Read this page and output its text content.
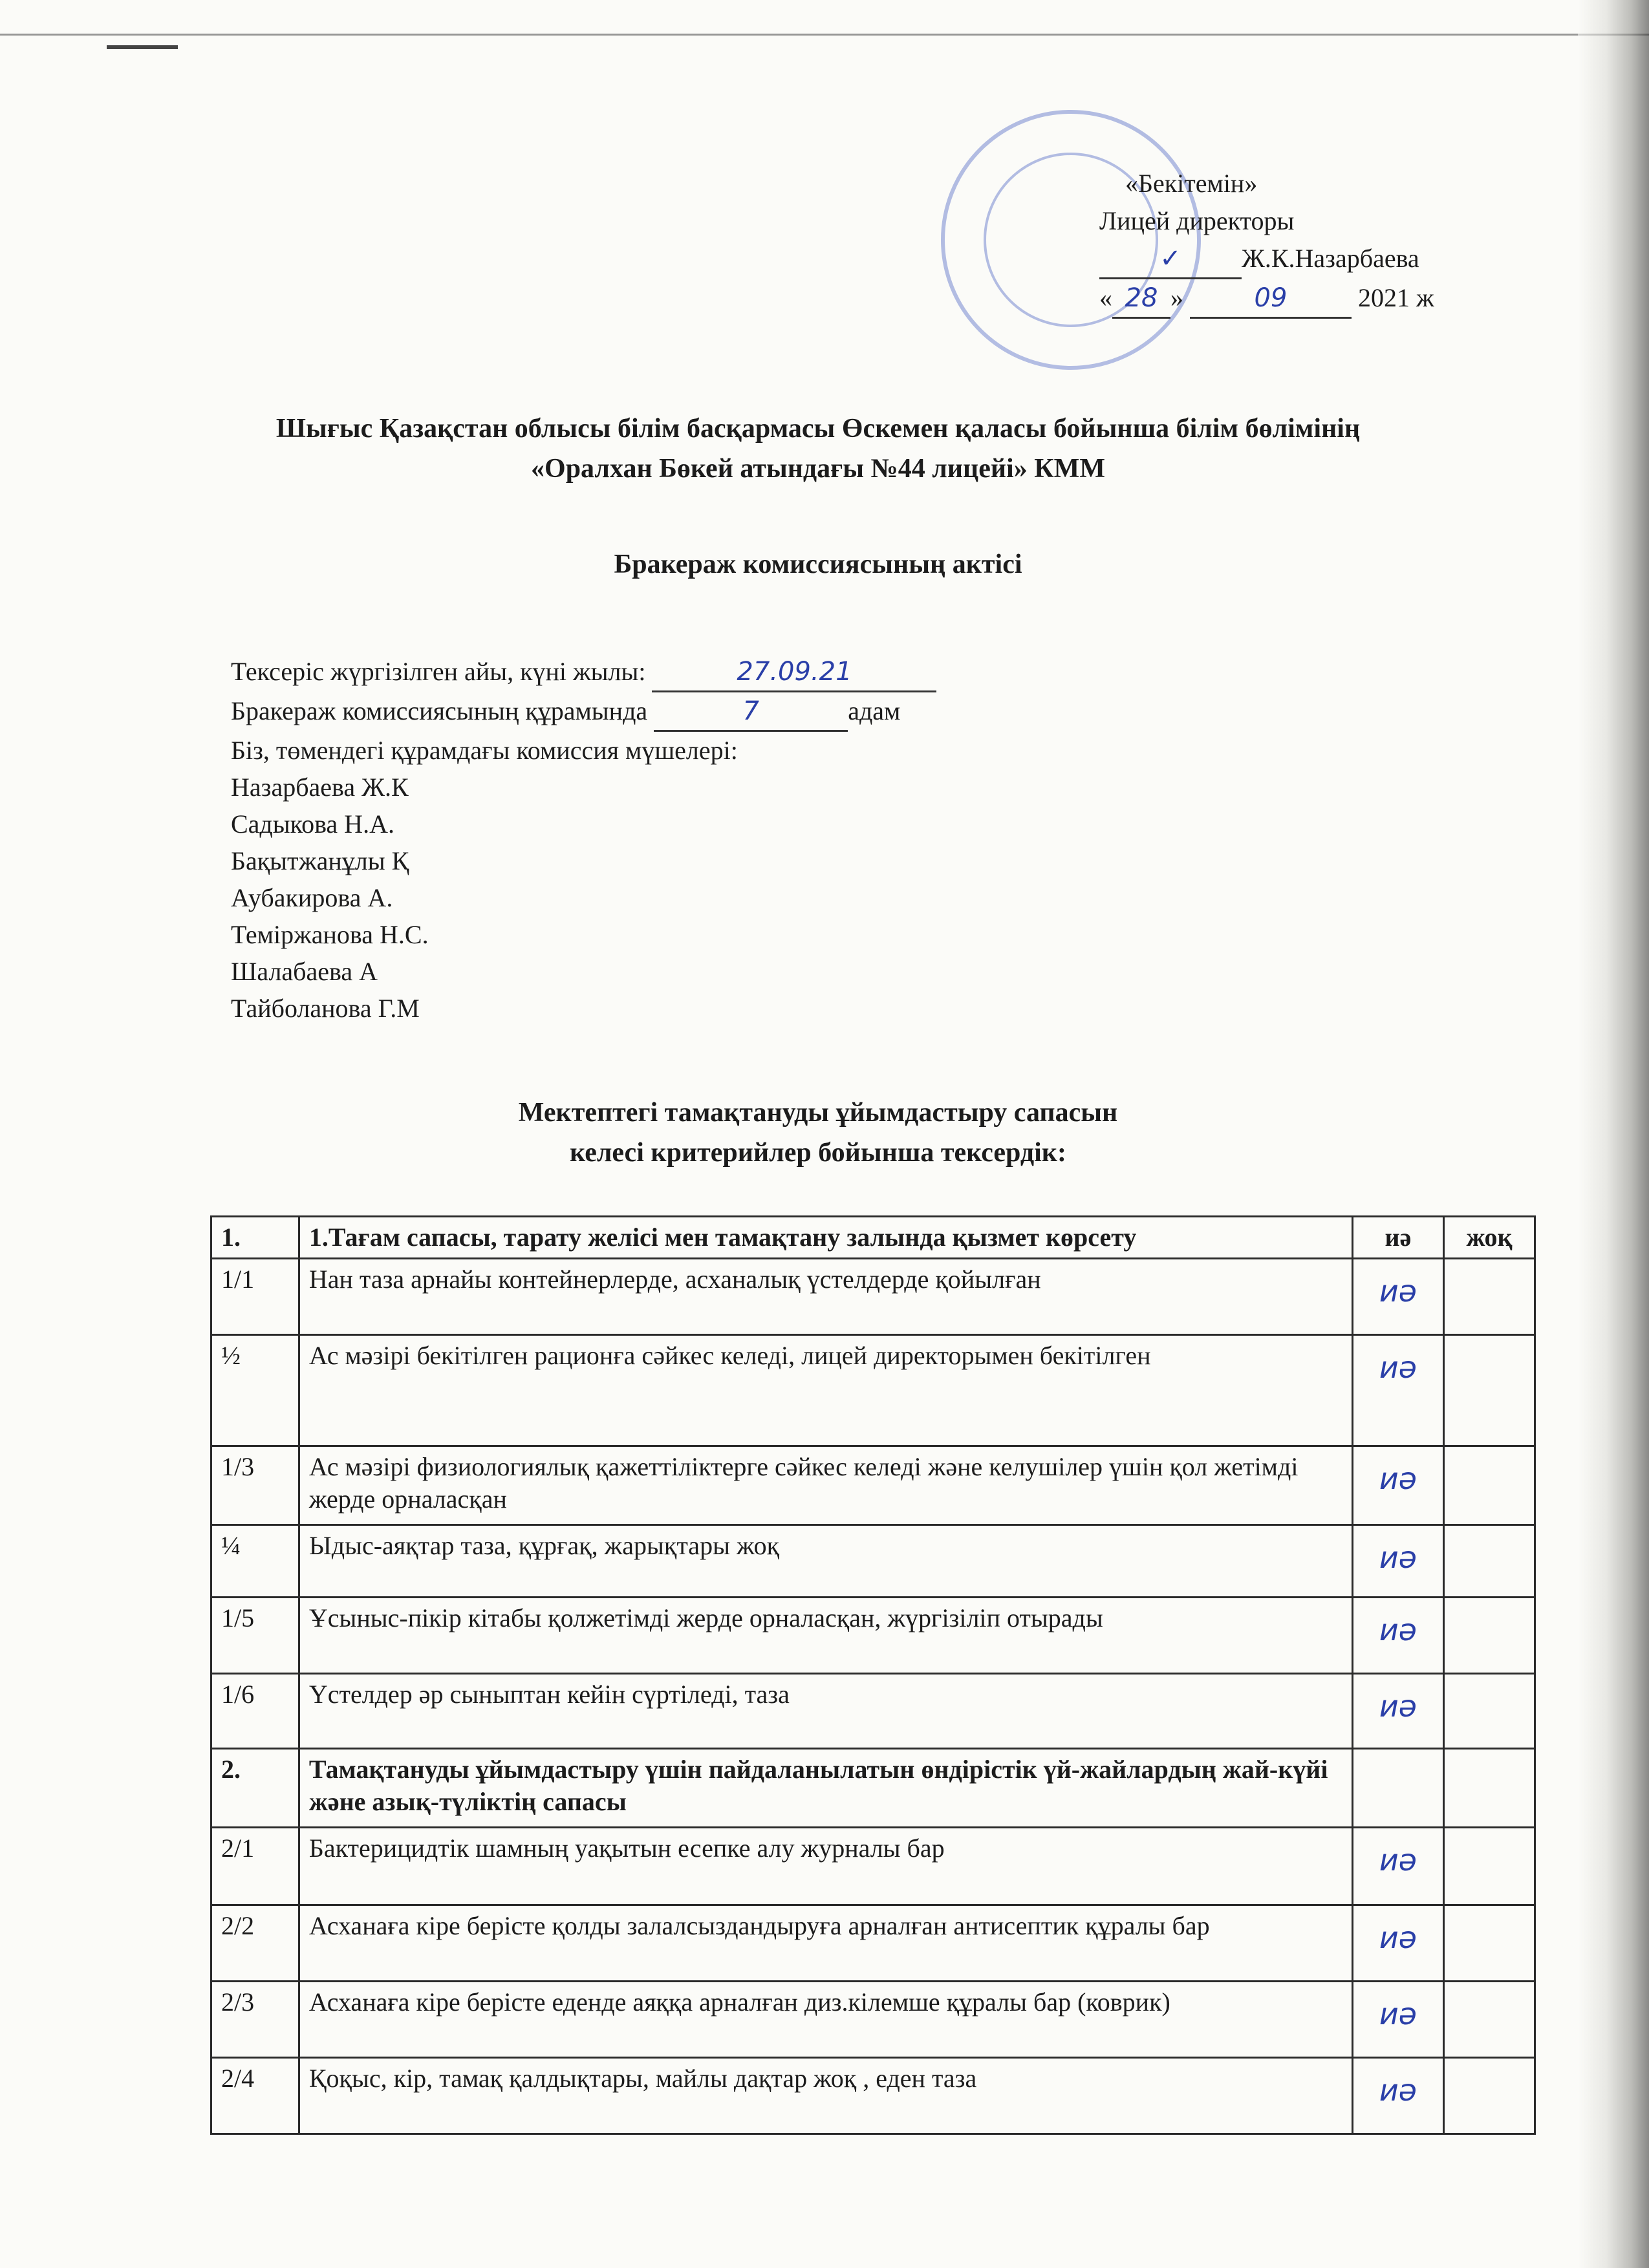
«Бекітемін»
Лицей директоры
✓ Ж.К.Назарбаева
« 28 »	09	2021 ж
Шығыс Қазақстан облысы білім басқармасы Өскемен қаласы бойынша білім бөлімінің
«Оралхан Бөкей атындағы №44 лицейі» КММ
Бракераж комиссиясының актісі
Тексеріс жүргізілген айы, күні жылы:	27.09.21
Бракераж комиссиясының құрамында	7	адам
Біз, төмендегі құрамдағы комиссия мүшелері:
Назарбаева Ж.К
Садыкова Н.А.
Бақытжанұлы Қ
Аубакирова А.
Теміржанова Н.С.
Шалабаева А
Тайболанова Г.М
Мектептегі тамақтануды ұйымдастыру сапасын
келесі критерийлер бойынша тексердік:
1.	1.Тағам сапасы, тарату желісі мен тамақтану залында қызмет көрсету	иә	жоқ
1/1	Нан таза арнайы контейнерлерде, асханалық үстелдерде қойылған	иә	
½	Ас мәзірі бекітілген рационға сәйкес келеді, лицей директорымен бекітілген	иә	
1/3	Ас мәзірі физиологиялық қажеттіліктерге сәйкес келеді және келушілер үшін қол жетімді жерде орналасқан	иә	
¼	Ыдыс-аяқтар таза, құрғақ, жарықтары жоқ	иә	
1/5	Ұсыныс-пікір кітабы қолжетімді жерде орналасқан, жүргізіліп отырады	иә	
1/6	Үстелдер әр сыныптан кейін сүртіледі, таза	иә	
2.	Тамақтануды ұйымдастыру үшін пайдаланылатын өндірістік үй-жайлардың жай-күйі және азық-түліктің сапасы		
2/1	Бактерицидтік шамның уақытын есепке алу журналы бар	иә	
2/2	Асханаға кіре берісте қолды залалсыздандыруға арналған антисептик құралы бар	иә	
2/3	Асханаға кіре берісте еденде аяққа арналған диз.кілемше құралы бар (коврик)	иә	
2/4	Қоқыс, кір, тамақ қалдықтары, майлы дақтар жоқ , еден таза	иә	
